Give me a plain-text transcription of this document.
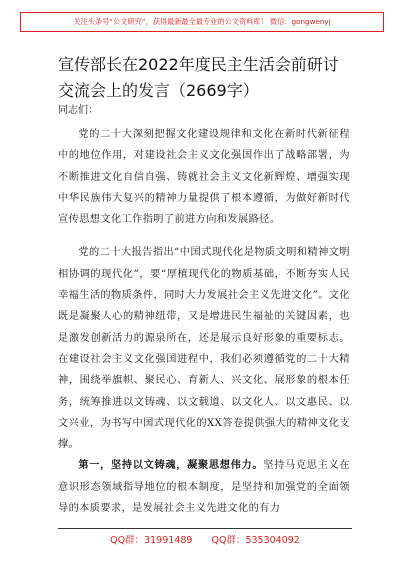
关注头条号“公文研究”，获得最新最全最专业的公文资料库！ 微信：gongwenyj
宣传部长在2022年度民主生活会前研讨交流会上的发言（2669字）
同志们：

党的二十大深刻把握文化建设规律和文化在新时代新征程中的地位作用，对建设社会主义文化强国作出了战略部署，为不断推进文化自信自强、铸就社会主义文化新辉煌、增强实现中华民族伟大复兴的精神力量提供了根本遵循，为做好新时代宣传思想文化工作指明了前进方向和发展路径。

党的二十大报告指出“中国式现代化是物质文明和精神文明相协调的现代化”，要“厚植现代化的物质基础，不断夯实人民幸福生活的物质条件，同时大力发展社会主义先进文化”。文化既是凝聚人心的精神纽带，又是增进民生福祉的关键因素，也是激发创新活力的源泉所在，还是展示良好形象的重要标志。在建设社会主义文化强国进程中，我们必须遵循党的二十大精神，围绕举旗帜、聚民心、育新人、兴文化、展形象的根本任务，统筹推进以文铸魂、以文载道、以文化人、以文惠民、以文兴业，为书写中国式现代化的XX答卷提供强大的精神文化支撑。

第一，坚持以文铸魂，凝聚思想伟力。坚持马克思主义在意识形态领域指导地位的根本制度，是坚持和加强党的全面领导的本质要求，是发展社会主义先进文化的有力

QQ群：31991489 QQ群：535304092
